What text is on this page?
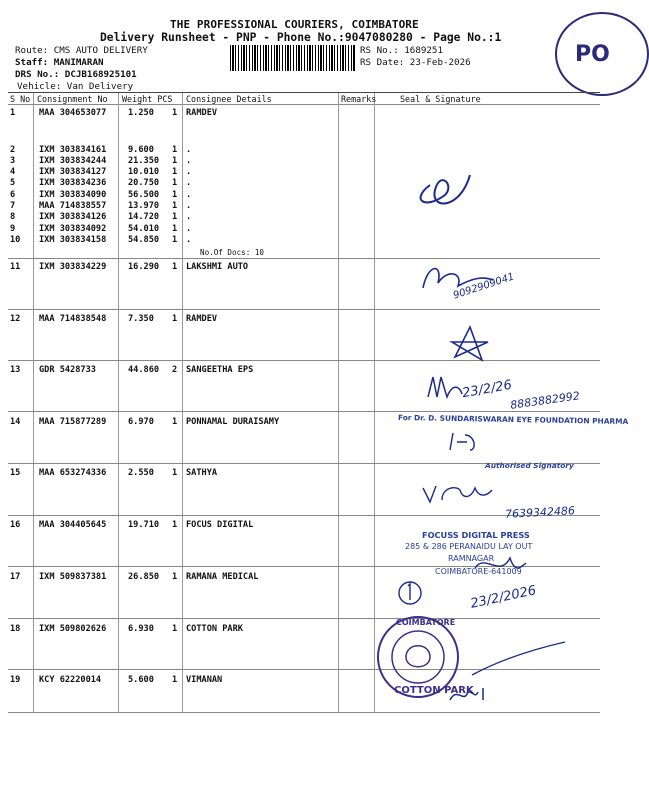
THE PROFESSIONAL COURIERS, COIMBATORE
Delivery Runsheet - PNP - Phone No.:9047080280 - Page No.:1
Route: CMS AUTO DELIVERY
Staff: MANIMARAN
DRS No.: DCJB168925101
Vehicle: Van Delivery
RS No.: 1689251
RS Date: 23-Feb-2026	PO
S No Consignment No Weight PCS Consignee Details	Remarks	Seal & Signature
1	MAA 304653077	1.250 1 RAMDEV
2	IXM 303834161	9.600 1 .
3	IXM 303834244	21.350 1 .
4	IXM 303834127	10.010 1 .
5	IXM 303834236	20.750 1 .
6	IXM 303834090	56.500 1 .
7	MAA 714838557	13.970 1 .
8	IXM 303834126	14.720 1 .
9	IXM 303834092	54.010 1 .
10 IXM 303834158	54.850 1 .
No.Of Docs: 10
11 IXM 303834229	16.290 1 LAKSHMI AUTO
12 MAA 714838548	7.350 1 RAMDEV
13 GDR 5428733	44.860 2 SANGEETHA EPS
14 MAA 715877289	6.970 1 PONNAMAL DURAISAMY
15 MAA 653274336	2.550 1 SATHYA
16 MAA 304405645	19.710 1 FOCUS DIGITAL
17 IXM 509837381	26.850 1 RAMANA MEDICAL
18 IXM 509802626	6.930 1 COTTON PARK
19 KCY 62220014	5.600 1 VIMANAN
9092909041
23/2/26
8883882992
For Dr. D. SUNDARISWARAN EYE FOUNDATION PHARMA
Authorised Signatory
7639342486
FOCUSS DIGITAL PRESS
285 & 286 PERANAIDU LAY OUT
RAMNAGAR
COIMBATORE-641009
23/2/2026
COIMBATORE
COTTON PARK
